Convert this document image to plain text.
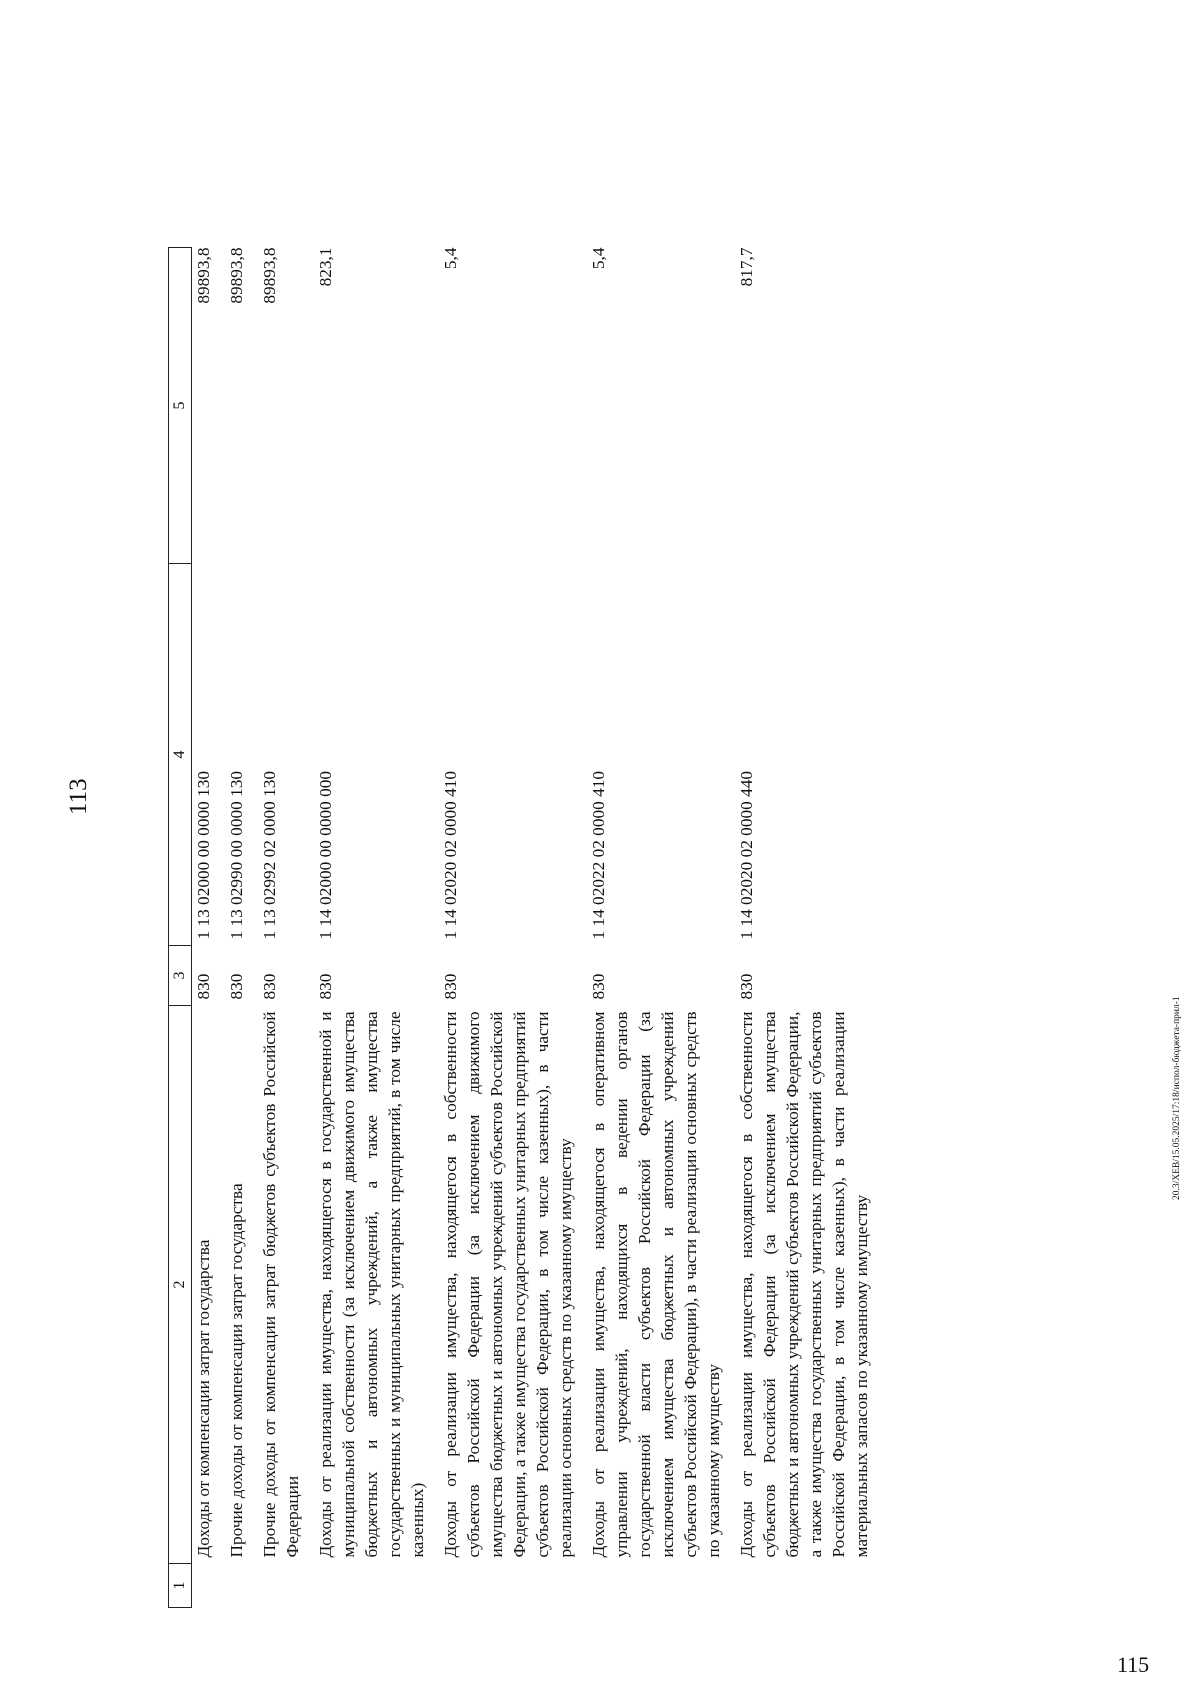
113
1	2	3	4	5
	Доходы от компенсации затрат государства	830	1 13 02000 00 0000 130	89893,8
	Прочие доходы от компенсации затрат государства	830	1 13 02990 00 0000 130	89893,8
	Прочие доходы от компенсации затрат бюджетов субъектов Российской Федерации	830	1 13 02992 02 0000 130	89893,8
	Доходы от реализации имущества, находящегося в государственной и муниципальной собственности (за исключением движимого имущества бюджетных и автономных учреждений, а также имущества государственных и муниципальных унитарных предприятий, в том числе казенных)	830	1 14 02000 00 0000 000	823,1
	Доходы от реализации имущества, находящегося в собственности субъектов Российской Федерации (за исключением движимого имущества бюджетных и автономных учреждений субъектов Российской Федерации, а также имущества государственных унитарных предприятий субъектов Российской Федерации, в том числе казенных), в части реализации основных средств по указанному имуществу	830	1 14 02020 02 0000 410	5,4
	Доходы от реализации имущества, находящегося в оперативном управлении учреждений, находящихся в ведении органов государственной власти субъектов Российской Федерации (за исключением имущества бюджетных и автономных учреждений субъектов Российской Федерации), в части реализации основных средств по указанному имуществу	830	1 14 02022 02 0000 410	5,4
	Доходы от реализации имущества, находящегося в собственности субъектов Российской Федерации (за исключением имущества бюджетных и автономных учреждений субъектов Российской Федерации, а также имущества государственных унитарных предприятий субъектов Российской Федерации, в том числе казенных), в части реализации материальных запасов по указанному имуществу	830	1 14 02020 02 0000 440	817,7
20.3/XEB/15.05.2025/17:18/испол-бюджета-прил-1
115
